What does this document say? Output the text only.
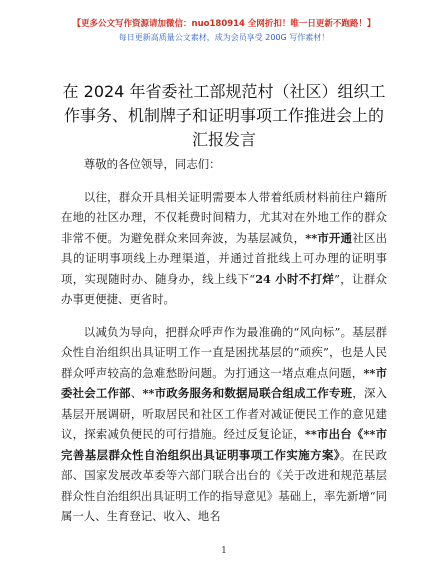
【更多公文写作资源请加微信：nuo180914 全网折扣！唯一日更新不跑路！】
每日更新高质量公文素材，成为会员享受 200G 写作素材！
在 2024 年省委社工部规范村（社区）组织工作事务、机制牌子和证明事项工作推进会上的汇报发言

尊敬的各位领导，同志们：

以往，群众开具相关证明需要本人带着纸质材料前往户籍所在地的社区办理，不仅耗费时间精力，尤其对在外地工作的群众非常不便。为避免群众来回奔波，为基层减负，**市开通社区出具的证明事项线上办理渠道，并通过首批线上可办理的证明事项，实现随时办、随身办，线上线下“24 小时不打烊”，让群众办事更便捷、更省时。

以减负为导向，把群众呼声作为最准确的“风向标”。基层群众性自治组织出具证明工作一直是困扰基层的“顽疾”，也是人民群众呼声较高的急难愁盼问题。为打通这一堵点难点问题，**市委社会工作部、**市政务服务和数据局联合组成工作专班，深入基层开展调研，听取居民和社区工作者对减证便民工作的意见建议，探索减负便民的可行措施。经过反复论证，**市出台《**市完善基层群众性自治组织出具证明事项工作实施方案》。在民政部、国家发展改革委等六部门联合出台的《关于改进和规范基层群众性自治组织出具证明工作的指导意见》基础上，率先新增“同属一人、生育登记、收入、地名

1
